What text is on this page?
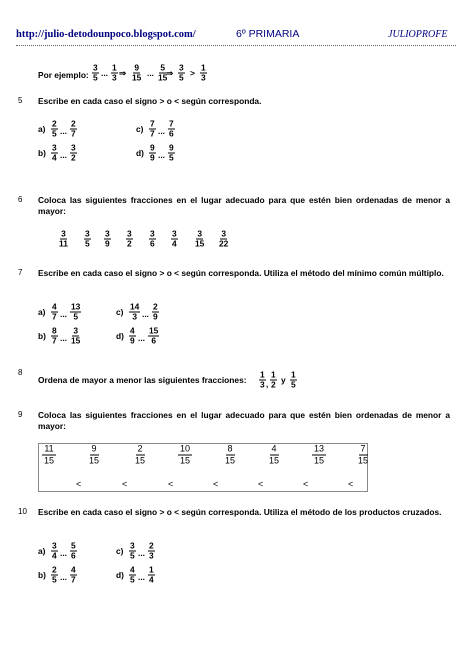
http://julio-detodounpoco.blogspot.com/	6º PRIMARIA	JULIOPROFE
Por ejemplo: $\frac{3}{5}$ ... $\frac{1}{3}$ ⇒ $\frac{9}{15}$ ... $\frac{5}{15}$
⇒ $\frac{3}{5} > \frac{1}{3}$
5 Escribe en cada caso el signo > o < según corresponda.
$a) \frac{2}{5}$ ... $\frac{2}{7}$	$c) \frac{7}{7}$ ... $\frac{7}{6}$
$b) \frac{3}{4}$ ... $\frac{3}{2}$	$d) \frac{9}{9}$ ... $\frac{9}{5}$
6 Coloca las siguientes fracciones en el lugar adecuado para que estén bien ordenadas de menor a mayor:
$\frac{3}{11} \frac{3}{5} \frac{3}{9} \frac{3}{2} \frac{3}{6} \frac{3}{4} \frac{3}{15} \frac{3}{22}$
7 Escribe en cada caso el signo > o < según corresponda. Utiliza el método del mínimo común múltiplo.
$a) \frac{4}{7}$ ... $\frac{13}{5}$	$c) \frac{14}{3}$ ... $\frac{2}{9}$
$b) \frac{8}{7}$ ... $\frac{3}{15}$	$d) \frac{4}{9}$ ... $\frac{15}{6}$
8
Ordena de mayor a menor las siguientes fracciones: $\frac{1}{3}$ , $\frac{1}{2}$ y $\frac{1}{5}$
9 Coloca las siguientes fracciones en el lugar adecuado para que estén bien ordenadas de menor a mayor:
$\frac{11}{15}$	$\frac{9}{15}$	$\frac{2}{15}$	$\frac{10}{15}$	$\frac{8}{15}$	$\frac{4}{15}$	$\frac{13}{15}$	$\frac{7}{15}$
<	<	<	<	<	<	<
10 Escribe en cada caso el signo > o < según corresponda. Utiliza el método de los productos cruzados.
$a) \frac{3}{4}$ ... $\frac{5}{6}$	$c) \frac{3}{5}$ ... $\frac{2}{3}$
$b) \frac{2}{5}$ ... $\frac{4}{7}$	$d) \frac{4}{5}$ ... $\frac{1}{4}$
